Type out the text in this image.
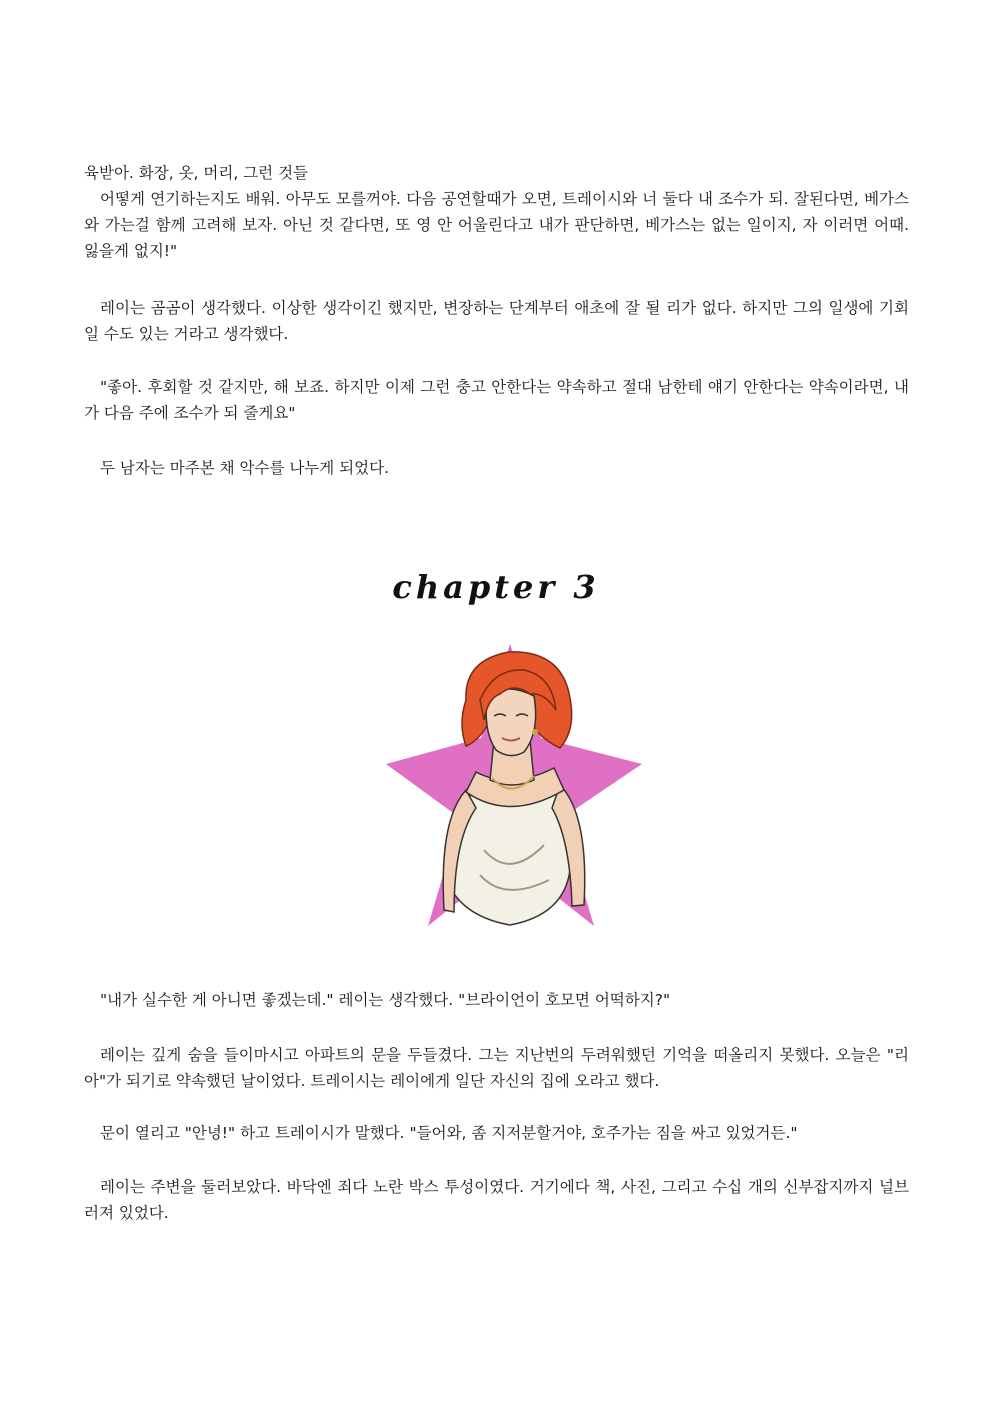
육받아. 화장, 옷, 머리, 그런 것들

어떻게 연기하는지도 배워. 아무도 모를꺼야. 다음 공연할때가 오면, 트레이시와 너 둘다 내 조수가 되. 잘된다면, 베가스와 가는걸 함께 고려해 보자. 아닌 것 같다면, 또 영 안 어울린다고 내가 판단하면, 베가스는 없는 일이지, 자 이러면 어때. 잃을게 없지!"

레이는 곰곰이 생각했다. 이상한 생각이긴 했지만, 변장하는 단계부터 애초에 잘 될 리가 없다. 하지만 그의 일생에 기회일 수도 있는 거라고 생각했다.

"좋아. 후회할 것 같지만, 해 보죠. 하지만 이제 그런 충고 안한다는 약속하고 절대 남한테 얘기 안한다는 약속이라면, 내가 다음 주에 조수가 되 줄게요"

두 남자는 마주본 채 악수를 나누게 되었다.

chapter 3

"내가 실수한 게 아니면 좋겠는데." 레이는 생각했다. "브라이언이 호모면 어떡하지?"

레이는 깊게 숨을 들이마시고 아파트의 문을 두들겼다. 그는 지난번의 두려워했던 기억을 떠올리지 못했다. 오늘은 "리아"가 되기로 약속했던 날이었다. 트레이시는 레이에게 일단 자신의 집에 오라고 했다.

문이 열리고 "안녕!" 하고 트레이시가 말했다. "들어와, 좀 지저분할거야, 호주가는 짐을 싸고 있었거든."

레이는 주변을 둘러보았다. 바닥엔 죄다 노란 박스 투성이였다. 거기에다 책, 사진, 그리고 수십 개의 신부잡지까지 널브러져 있었다.
